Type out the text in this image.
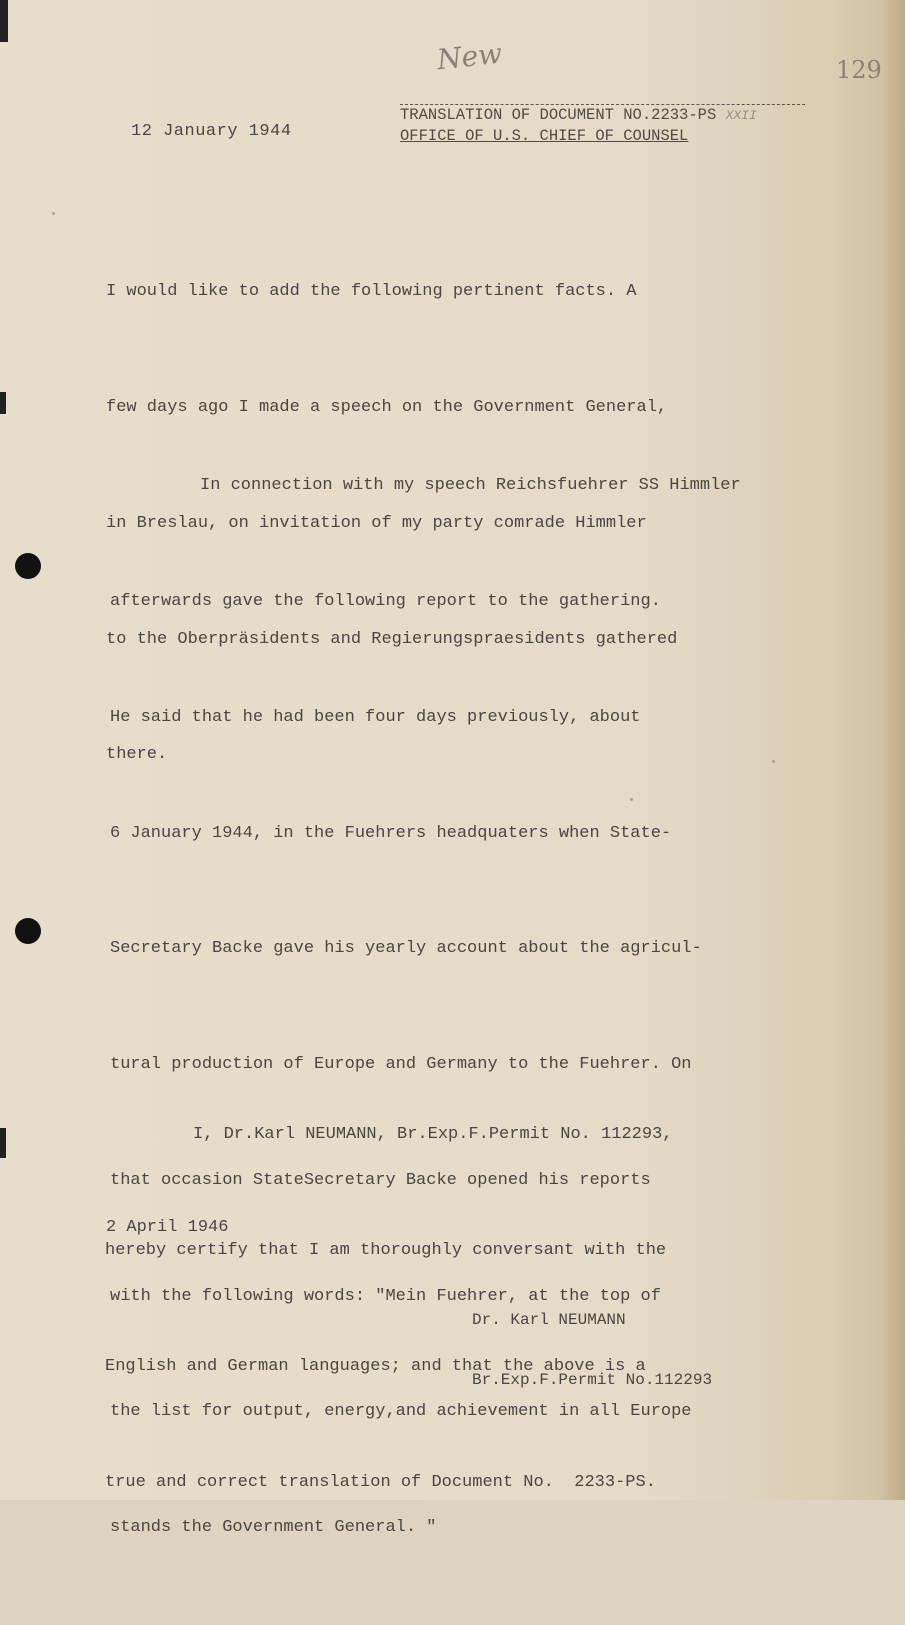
New	129
12 January 1944
TRANSLATION OF DOCUMENT NO.2233-PS XXII
OFFICE OF U.S. CHIEF OF COUNSEL

I would like to add the following pertinent facts. A

few days ago I made a speech on the Government General,

in Breslau, on invitation of my party comrade Himmler

to the Oberpräsidents and Regierungspraesidents gathered

there.

In connection with my speech Reichsfuehrer SS Himmler

afterwards gave the following report to the gathering.

He said that he had been four days previously, about

6 January 1944, in the Fuehrers headquaters when State-

Secretary Backe gave his yearly account about the agricul-

tural production of Europe and Germany to the Fuehrer. On

that occasion StateSecretary Backe opened his reports

with the following words: "Mein Fuehrer, at the top of

the list for output, energy,and achievement in all Europe

stands the Government General. "

I, Dr.Karl NEUMANN, Br.Exp.F.Permit No. 112293,

hereby certify that I am thoroughly conversant with the

English and German languages; and that the above is a

true and correct translation of Document No.  2233-PS.

2 April 1946

Dr. Karl NEUMANN

Br.Exp.F.Permit No.112293
